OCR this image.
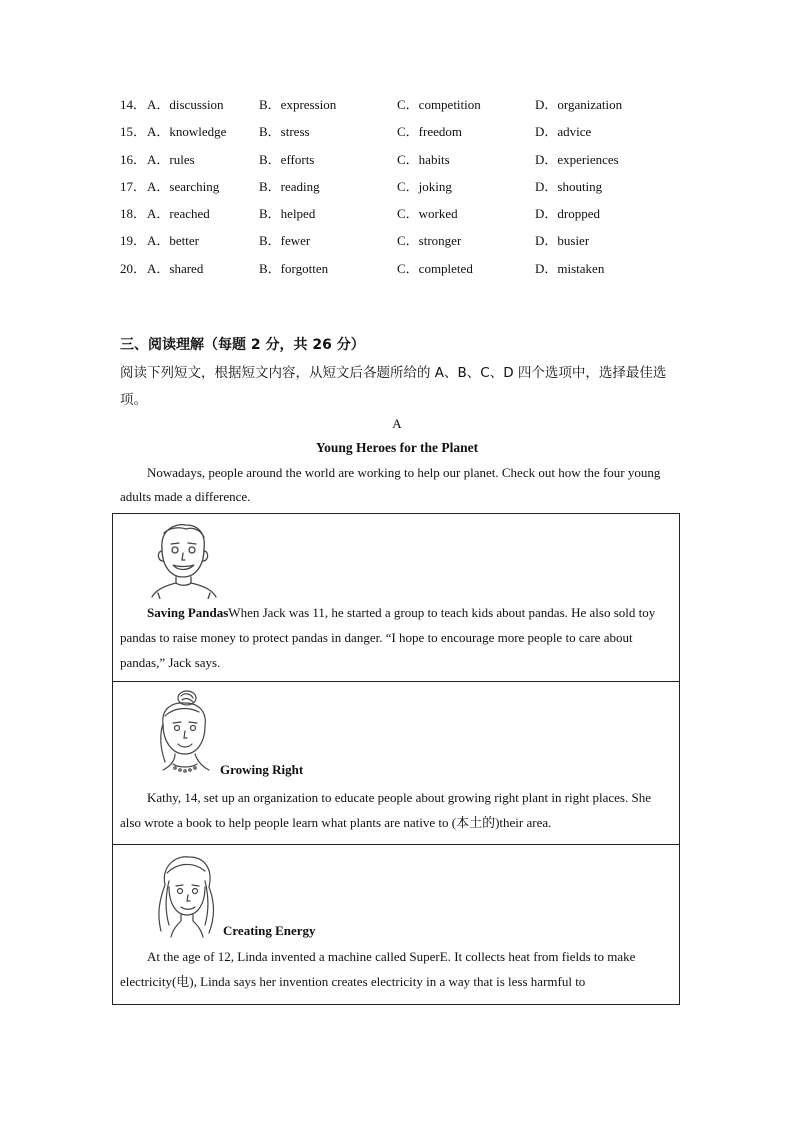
14． A．discussion	B．expression	C．competition	D．organization
15． A．knowledge	B．stress	C．freedom	D．advice
16． A．rules	B．efforts	C．habits	D．experiences
17． A．searching	B．reading	C．joking	D．shouting
18． A．reached	B．helped	C．worked	D．dropped
19． A．better	B．fewer	C．stronger	D．busier
20． A．shared	B．forgotten	C．completed	D．mistaken
三、阅读理解（每题 2 分，共 26 分）
阅读下列短文，根据短文内容，从短文后各题所给的 A、B、C、D 四个选项中，选择最佳选项。
A
Young Heroes for the Planet
Nowadays, people around the world are working to help our planet. Check out how the four young adults made a difference.

Saving PandasWhen Jack was 11, he started a group to teach kids about pandas. He also sold toy pandas to raise money to protect pandas in danger. “I hope to encourage more people to care about pandas,” Jack says.

Growing Right

Kathy, 14, set up an organization to educate people about growing right plant in right places. She also wrote a book to help people learn what plants are native to (本土的)their area.

Creating Energy

At the age of 12, Linda invented a machine called SuperE. It collects heat from fields to make electricity(电), Linda says her invention creates electricity in a way that is less harmful to
